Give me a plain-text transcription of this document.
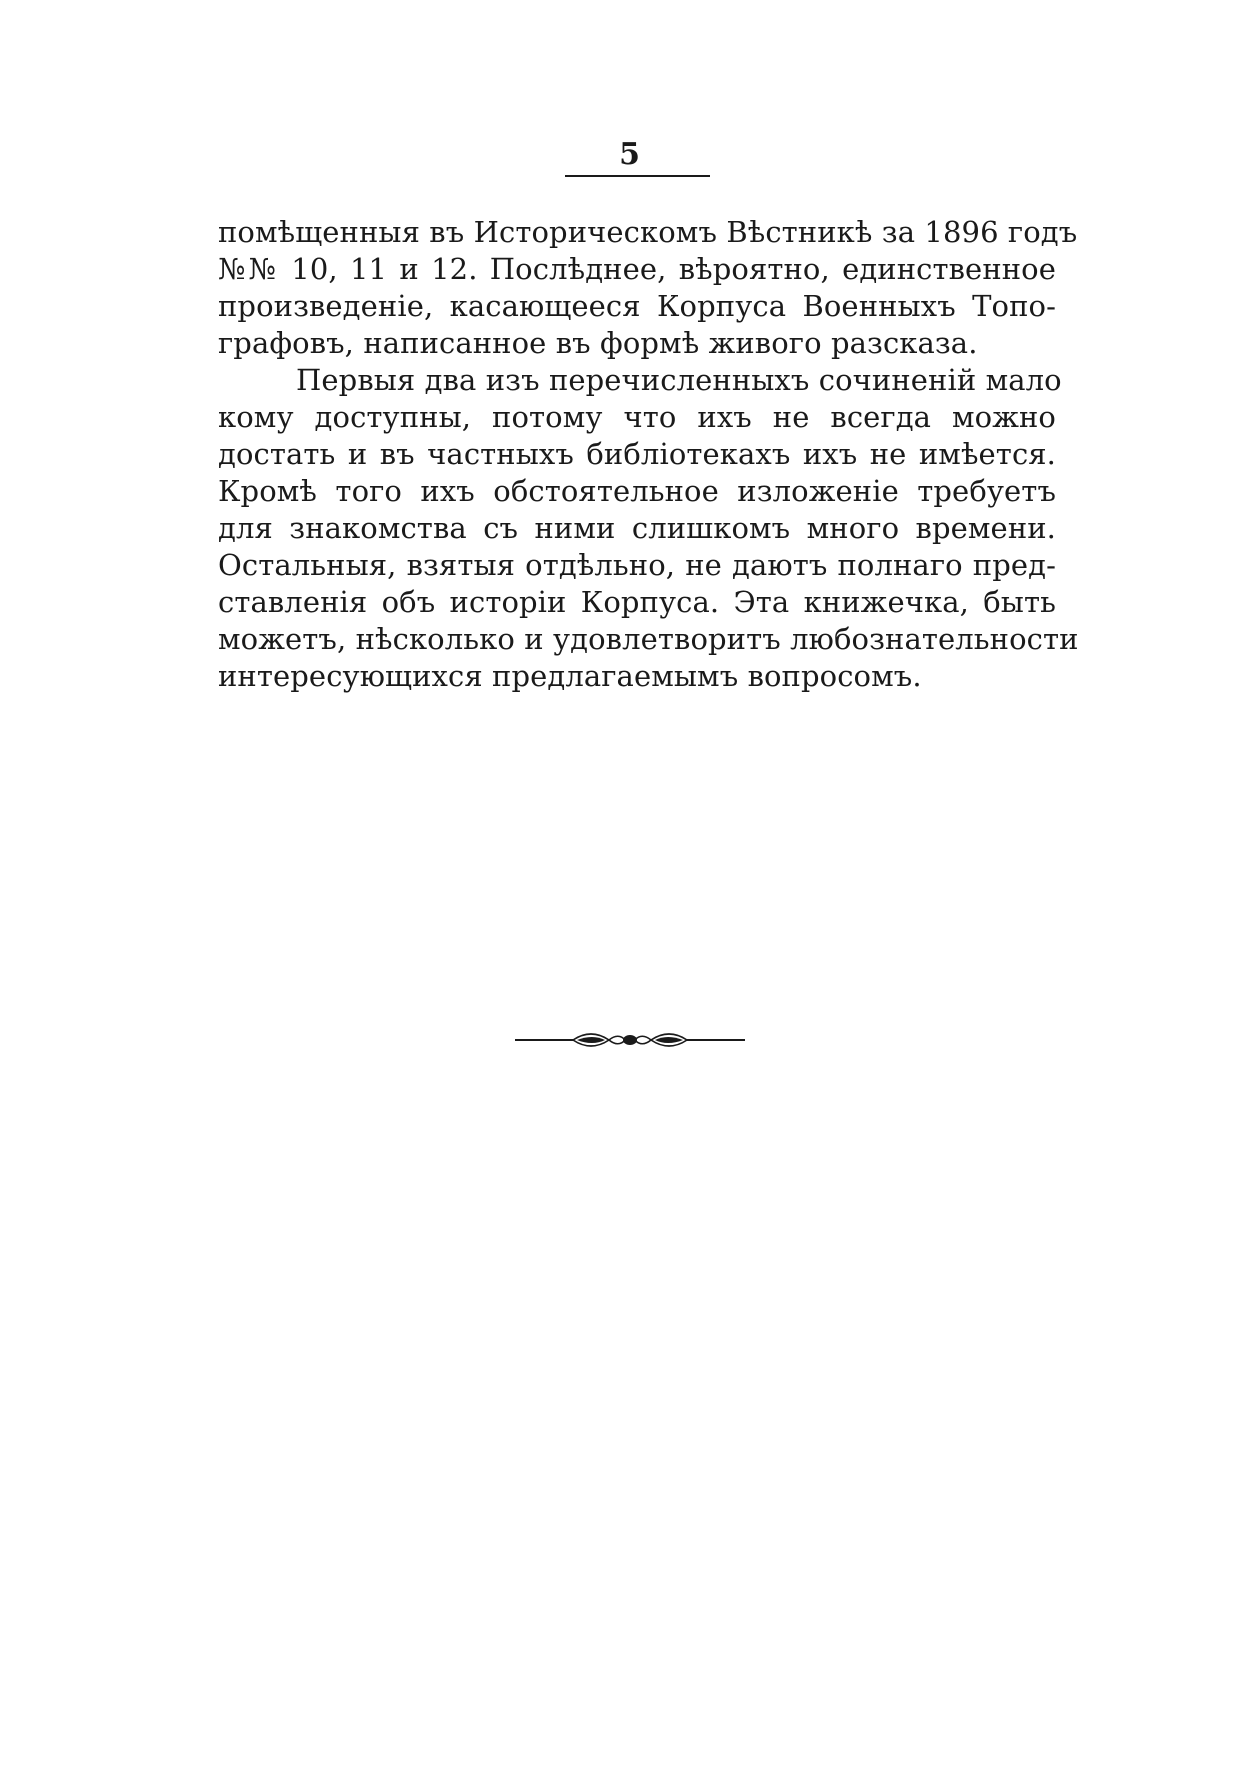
5
помѣщенныя въ Историческомъ Вѣстникѣ за 1896 годъ
№№ 10, 11 и 12. Послѣднее, вѣроятно, единственное
произведенiе, касающееся Корпуса Военныхъ Топо-
графовъ, написанное въ формѣ живого разсказа.
Первыя два изъ перечисленныхъ сочиненiй мало
кому доступны, потому что ихъ не всегда можно
достать и въ частныхъ библiотекахъ ихъ не имѣется.
Кромѣ того ихъ обстоятельное изложенiе требуетъ
для знакомства съ ними слишкомъ много времени.
Остальныя, взятыя отдѣльно, не даютъ полнаго пред-
ставленiя объ исторiи Корпуса. Эта книжечка, быть
можетъ, нѣсколько и удовлетворитъ любознательности
интересующихся предлагаемымъ вопросомъ.
